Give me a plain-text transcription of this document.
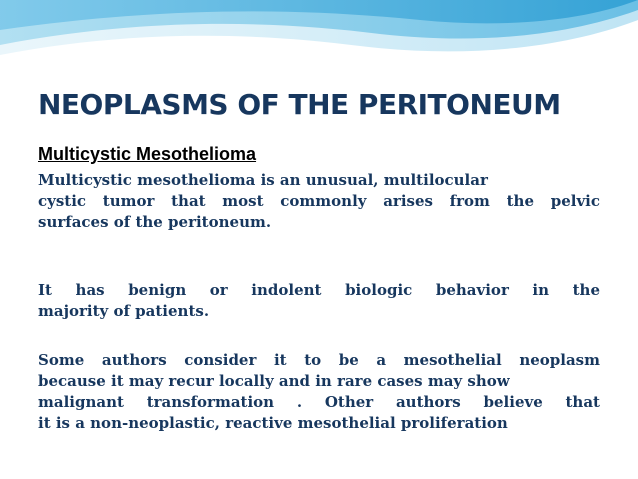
NEOPLASMS OF THE PERITONEUM
Multicystic Mesothelioma

Multicystic mesothelioma is an unusual, multilocular
cystic tumor that most commonly arises from the pelvic
surfaces of the peritoneum.

It has benign or indolent biologic behavior in the
majority of patients.

Some authors consider it to be a mesothelial neoplasm
because it may recur locally and in rare cases may show
malignant transformation . Other authors believe that
it is a non-neoplastic, reactive mesothelial proliferation
